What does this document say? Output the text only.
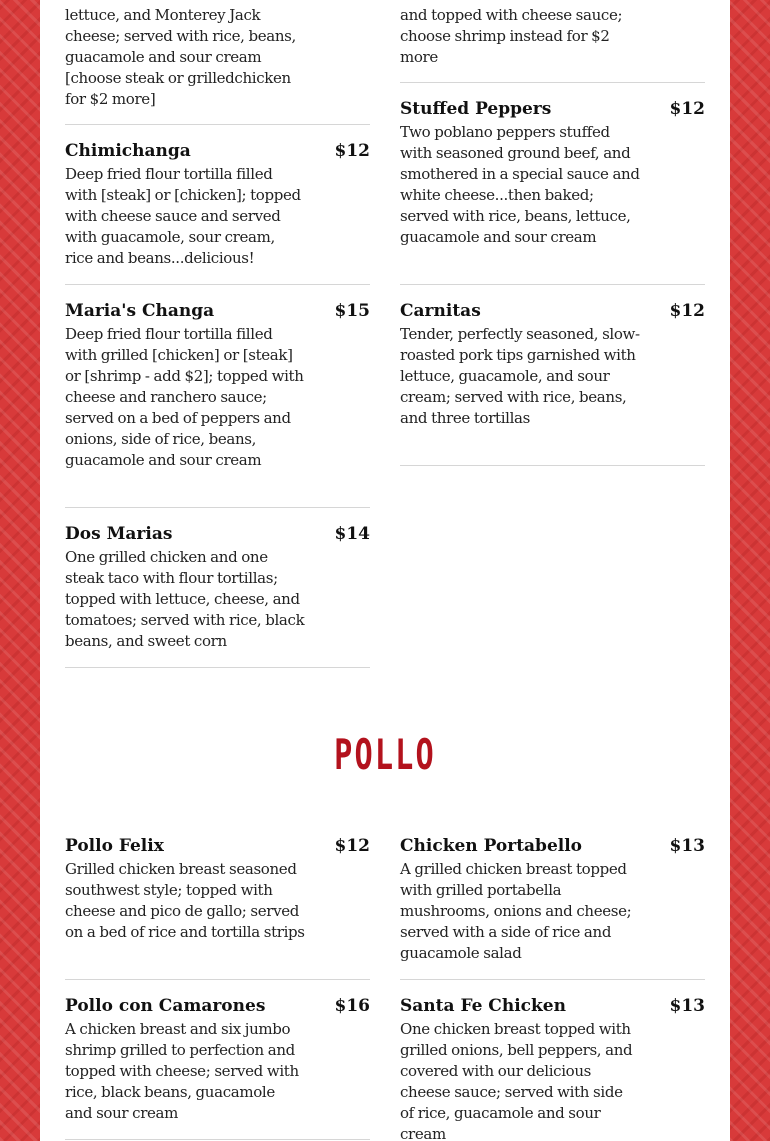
lettuce, and Monterey Jack cheese; served with rice, beans, guacamole and sour cream [choose steak or grilledchicken for $2 more]
and topped with cheese sauce; choose shrimp instead for $2 more
Chimichanga	$12
Deep fried flour tortilla filled with [steak] or [chicken]; topped with cheese sauce and served with guacamole, sour cream, rice and beans...delicious!
Maria's Changa	$15
Deep fried flour tortilla filled with grilled [chicken] or [steak] or [shrimp - add $2]; topped with cheese and ranchero sauce; served on a bed of peppers and onions, side of rice, beans, guacamole and sour cream
Dos Marias	$14
One grilled chicken and one steak taco with flour tortillas; topped with lettuce, cheese, and tomatoes; served with rice, black beans, and sweet corn
Stuffed Peppers	$12
Two poblano peppers stuffed with seasoned ground beef, and smothered in a special sauce and white cheese...then baked; served with rice, beans, lettuce, guacamole and sour cream
Carnitas	$12
Tender, perfectly seasoned, slow-roasted pork tips garnished with lettuce, guacamole, and sour cream; served with rice, beans, and three tortillas
POLLO
Pollo Felix	$12
Grilled chicken breast seasoned southwest style; topped with cheese and pico de gallo; served on a bed of rice and tortilla strips
Pollo con Camarones	$16
A chicken breast and six jumbo shrimp grilled to perfection and topped with cheese; served with rice, black beans, guacamole and sour cream
Chicken Portabello	$13
A grilled chicken breast topped with grilled portabella mushrooms, onions and cheese; served with a side of rice and guacamole salad
Santa Fe Chicken	$13
One chicken breast topped with grilled onions, bell peppers, and covered with our delicious cheese sauce; served with side of rice, guacamole and sour cream
